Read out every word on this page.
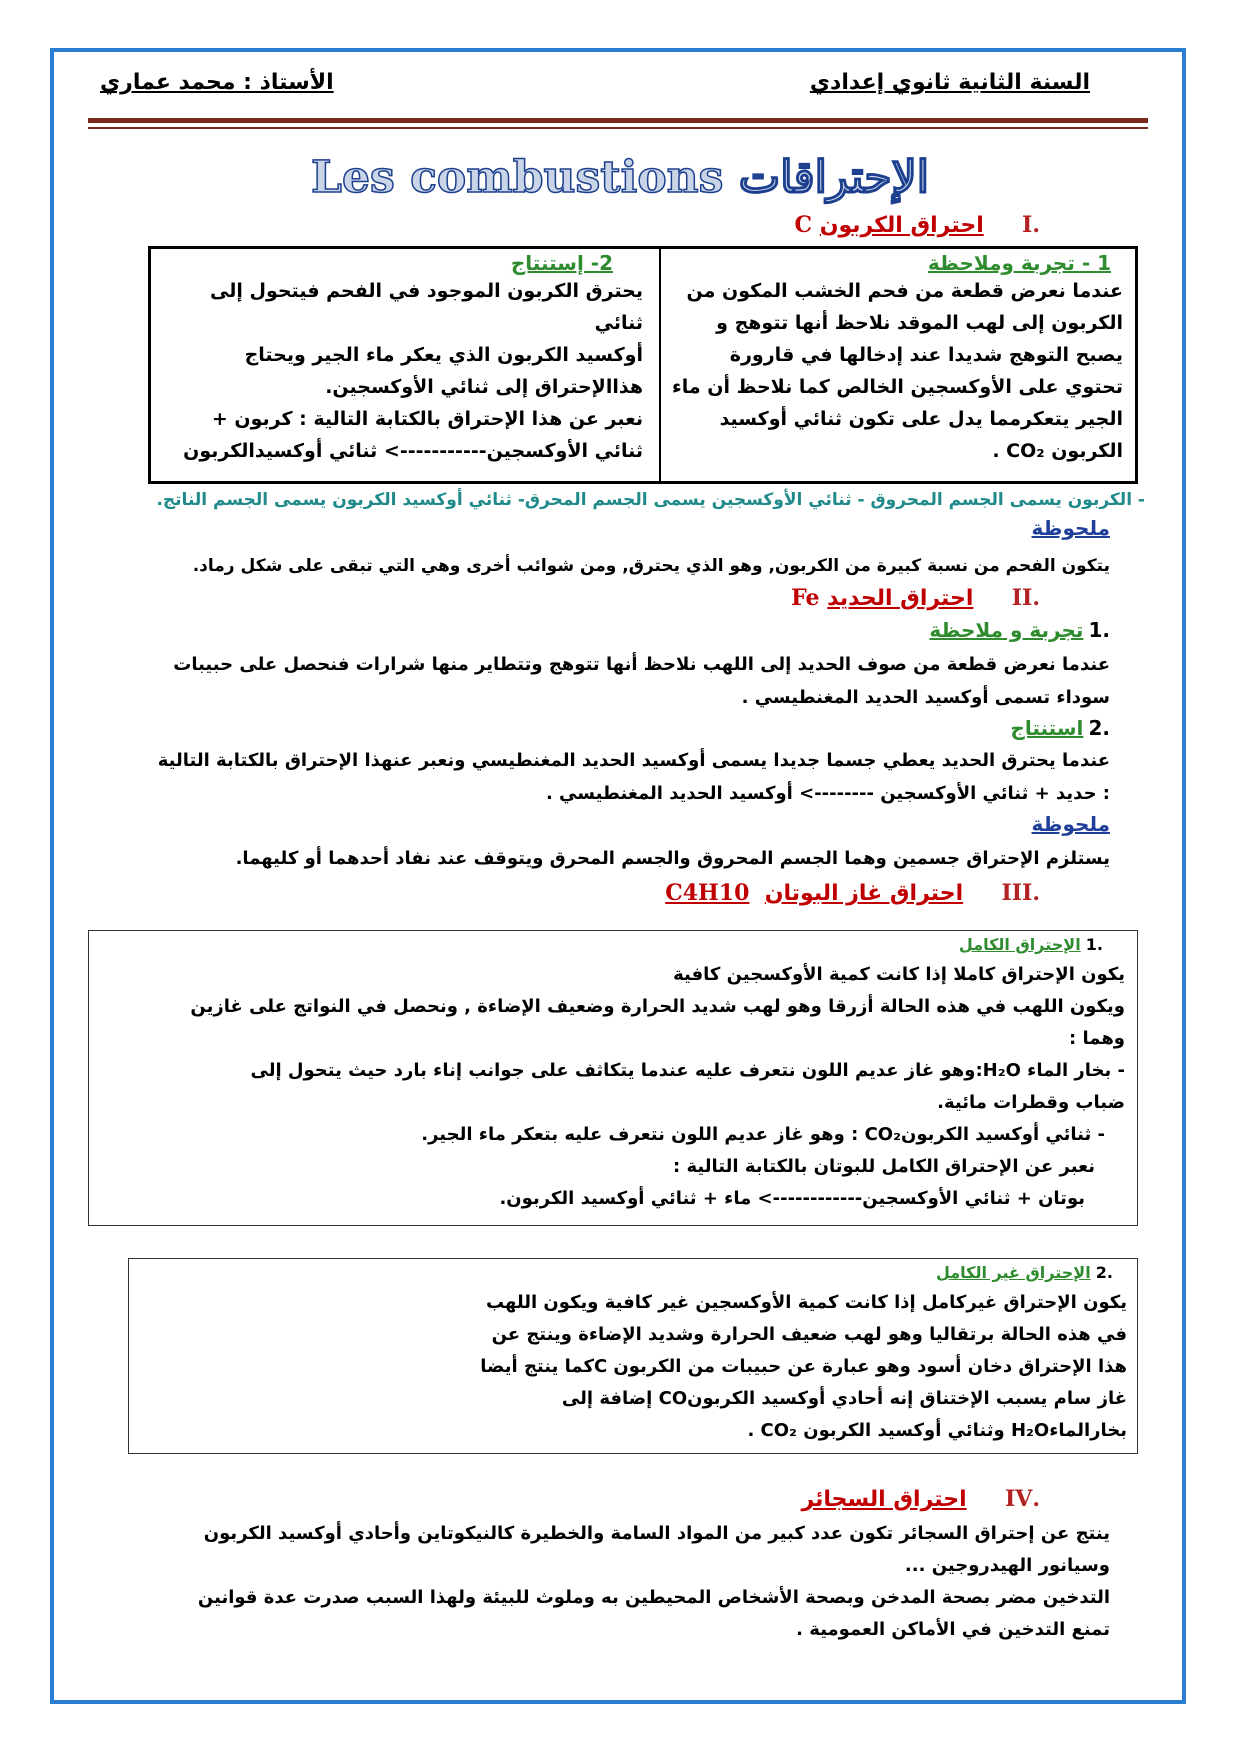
السنة الثانية ثانوي إعدادي
الأستاذ : محمد عماري
Les combustions الإحتراقات
.I     احتراق الكربون C
1 - تجربة وملاحظة
عندما نعرض قطعة من فحم الخشب المكون من
الكربون إلى لهب الموقد نلاحظ أنها تتوهج و
يصبح التوهج شديدا عند إدخالها في قارورة
تحتوي على الأوكسجين الخالص كما نلاحظ أن ماء
الجير يتعكرمما يدل على تكون ثنائي أوكسيد
الكربون CO₂ .
2- إستنتاج
يحترق الكربون الموجود في الفحم فيتحول إلى ثنائي
أوكسيد الكربون الذي يعكر ماء الجير ويحتاج
هذاالإحتراق إلى ثنائي الأوكسجين.
نعبر عن هذا الإحتراق بالكتابة التالية : كربون +
ثنائي الأوكسجين-----------> ثنائي أوكسيدالكربون
- الكربون يسمى الجسم المحروق - ثنائي الأوكسجين يسمى الجسم المحرق- ثنائي أوكسيد الكربون يسمى الجسم الناتج.
ملحوظة
يتكون الفحم من نسبة كبيرة من الكربون, وهو الذي يحترق, ومن شوائب أخرى وهي التي تبقى على شكل رماد.
.II     احتراق الحديد Fe
.1 تجربة و ملاحظة
عندما نعرض قطعة من صوف الحديد إلى اللهب نلاحظ أنها تتوهج وتتطاير منها شرارات فنحصل على حبيبات
سوداء تسمى أوكسيد الحديد المغنطيسي .
.2 استنتاج
عندما يحترق الحديد يعطي جسما جديدا يسمى أوكسيد الحديد المغنطيسي ونعبر عنهذا الإحتراق بالكتابة التالية
: حديد + ثنائي الأوكسجين --------> أوكسيد الحديد المغنطيسي .
ملحوظة
يستلزم الإحتراق جسمين وهما الجسم المحروق والجسم المحرق ويتوقف عند نفاد أحدهما أو كليهما.
.III     احتراق غاز البوتان  C4H10
.1 الإحتراق الكامل
يكون الإحتراق كاملا إذا كانت كمية الأوكسجين كافية
ويكون اللهب في هذه الحالة أزرقا وهو لهب شديد الحرارة وضعيف الإضاءة , ونحصل في النواتج على غازين
وهما :
- بخار الماء H₂O:وهو غاز عديم اللون نتعرف عليه عندما يتكاثف على جوانب إناء بارد حيث يتحول إلى
ضباب وقطرات مائية.
- ثنائي أوكسيد الكربونCO₂ : وهو غاز عديم اللون نتعرف عليه بتعكر ماء الجير.
نعبر عن الإحتراق الكامل للبوتان بالكتابة التالية :
بوتان + ثنائي الأوكسجين------------> ماء + ثنائي أوكسيد الكربون.
.2 الإحتراق غير الكامل
يكون الإحتراق غيركامل إذا كانت كمية الأوكسجين غير كافية ويكون اللهب
في هذه الحالة برتقاليا وهو لهب ضعيف الحرارة وشديد الإضاءة وينتج عن
هذا الإحتراق دخان أسود وهو عبارة عن حبيبات من الكربون Cكما ينتج أيضا
غاز سام يسبب الإختناق إنه أحادي أوكسيد الكربونCO إضافة إلى
بخارالماءH₂O وثنائي أوكسيد الكربون CO₂ .
.IV     احتراق السجائر
ينتج عن إحتراق السجائر تكون عدد كبير من المواد السامة والخطيرة كالنيكوتاين وأحادي أوكسيد الكربون
وسيانور الهيدروجين ...
التدخين مضر بصحة المدخن وبصحة الأشخاص المحيطين به وملوث للبيئة ولهذا السبب صدرت عدة قوانين
تمنع التدخين في الأماكن العمومية .
